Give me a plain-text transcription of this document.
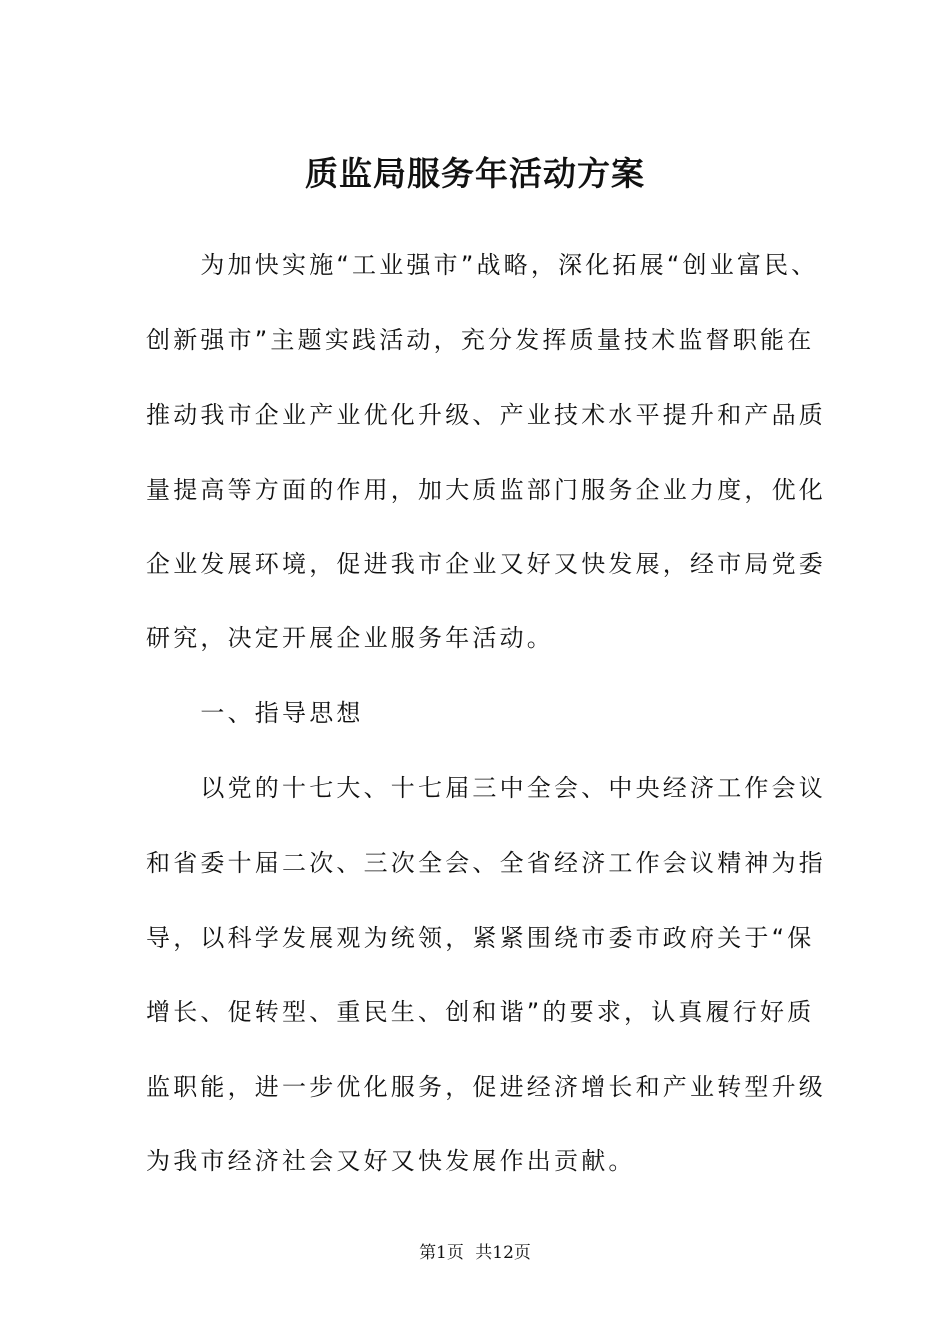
质监局服务年活动方案

　　为加快实施“工业强市”战略，深化拓展“创业富民、

创新强市”主题实践活动，充分发挥质量技术监督职能在

推动我市企业产业优化升级、产业技术水平提升和产品质

量提高等方面的作用，加大质监部门服务企业力度，优化

企业发展环境，促进我市企业又好又快发展，经市局党委

研究，决定开展企业服务年活动。

　　一、指导思想

　　以党的十七大、十七届三中全会、中央经济工作会议

和省委十届二次、三次全会、全省经济工作会议精神为指

导，以科学发展观为统领，紧紧围绕市委市政府关于“保

增长、促转型、重民生、创和谐”的要求，认真履行好质

监职能，进一步优化服务，促进经济增长和产业转型升级

为我市经济社会又好又快发展作出贡献。

第1页 共12页
